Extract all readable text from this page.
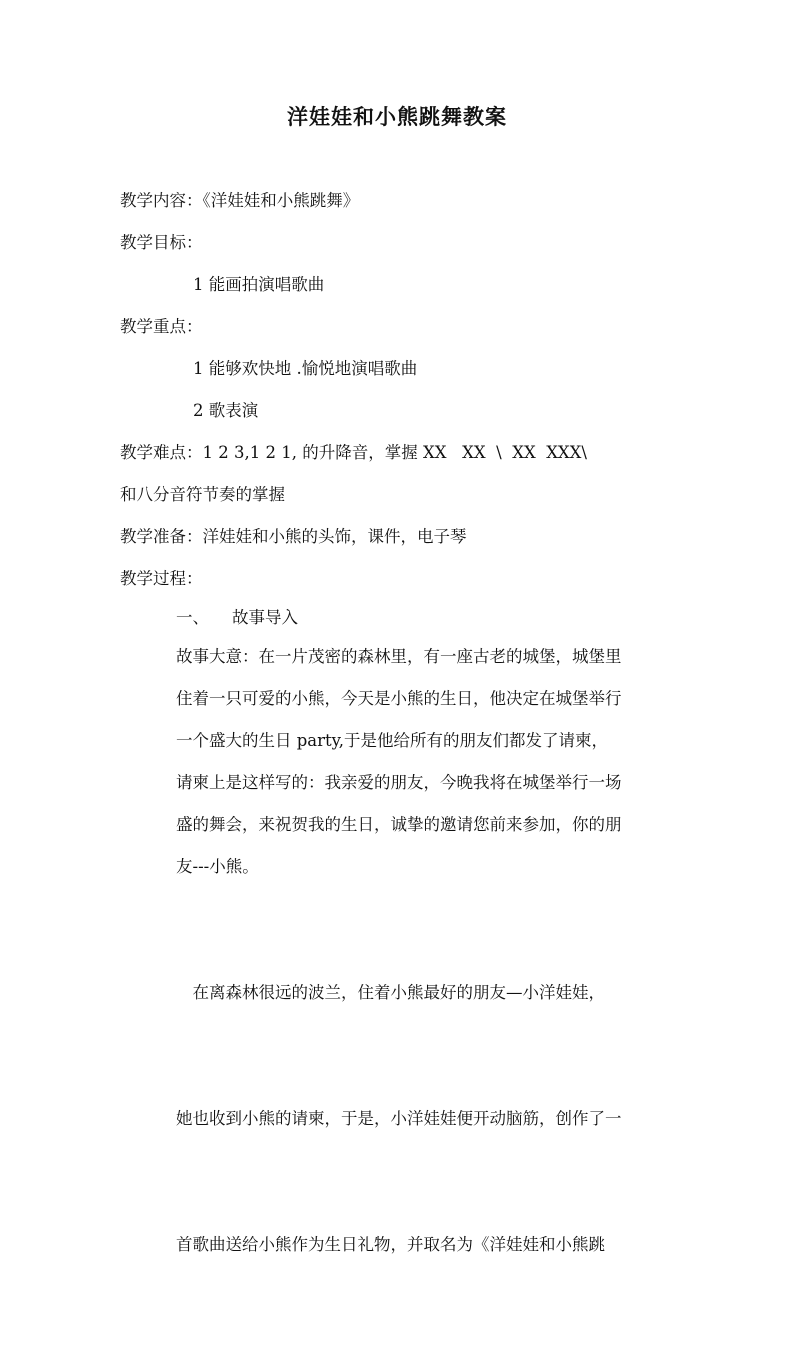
洋娃娃和小熊跳舞教案
教学内容：《洋娃娃和小熊跳舞》
教学目标：
1 能画拍演唱歌曲
教学重点：
1 能够欢快地 .愉悦地演唱歌曲
2 歌表演
教学难点：1 2 3,1 2 1, 的升降音，掌握 XX   XX  \  XX  XXX\
和八分音符节奏的掌握
教学准备：洋娃娃和小熊的头饰，课件，电子琴
教学过程：
一、 故事导入
故事大意：在一片茂密的森林里，有一座古老的城堡，城堡里
住着一只可爱的小熊，今天是小熊的生日，他决定在城堡举行
一个盛大的生日 party,于是他给所有的朋友们都发了请柬，
请柬上是这样写的：我亲爱的朋友，今晚我将在城堡举行一场
盛的舞会，来祝贺我的生日，诚挚的邀请您前来参加，你的朋
友---小熊。

　在离森林很远的波兰，住着小熊最好的朋友—小洋娃娃，

她也收到小熊的请柬，于是，小洋娃娃便开动脑筋，创作了一

首歌曲送给小熊作为生日礼物，并取名为《洋娃娃和小熊跳
